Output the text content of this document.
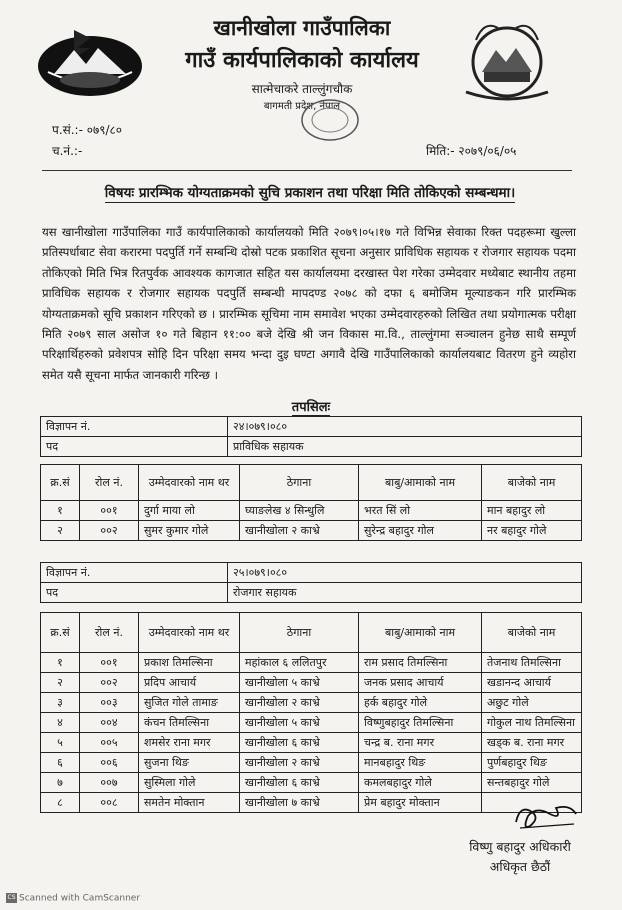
खानीखोला गाउँपालिका
गाउँ कार्यपालिकाको कार्यालय
सात्मेचाकरे ताल्लुंगचौक
बागमती प्रदेश, नेपाल
प.सं.:- ०७९/८०
च.नं.:-	मिति:- २०७९/०६/०५
विषयः प्रारम्भिक योग्यताक्रमको सुचि प्रकाशन तथा परिक्षा मिति तोकिएको सम्बन्धमा।
यस खानीखोला गाउँपालिका गाउँ कार्यपालिकाको कार्यालयको मिति २०७९।०५।१७ गते विभिन्न सेवाका रिक्त पदहरूमा खुल्ला प्रतिस्पर्धाबाट सेवा करारमा पदपुर्ति गर्ने सम्बन्धि दोस्रो पटक प्रकाशित सूचना अनुसार प्राविधिक सहायक र रोजगार सहायक पदमा तोकिएको मिति भित्र रितपुर्वक आवश्यक कागजात सहित यस कार्यालयमा दरखास्त पेश गरेका उम्मेदवार मध्येबाट स्थानीय तहमा प्राविधिक सहायक र रोजगार सहायक पदपुर्ति सम्बन्धी मापदण्ड २०७८ को दफा ६ बमोजिम मूल्याङकन गरि प्रारम्भिक योग्यताक्रमको सूचि प्रकाशन गरिएको छ । प्रारम्भिक सूचिमा नाम समावेश भएका उम्मेदवारहरुको लिखित तथा प्रयोगात्मक परीक्षा मिति २०७९ साल असोज १० गते बिहान ११:०० बजे देखि श्री जन विकास मा.वि., ताल्लुंगमा सञ्चालन हुनेछ साथै सम्पूर्ण परिक्षार्थिहरुको प्रवेशपत्र सोहि दिन परिक्षा समय भन्दा दुइ घण्टा अगावै देखि गाउँपालिकाको कार्यालयबाट वितरण हुने व्यहोरा समेत यसै सूचना मार्फत जानकारी गरिन्छ ।
तपसिलः
विज्ञापन नं.	२४।०७९।०८०
पद	प्राविधिक सहायक
क्र.सं	रोल नं.	उम्मेदवारको नाम थर	ठेगाना	बाबु/आमाको नाम	बाजेको नाम
१	००१	दुर्गा माया लो	घ्याङलेख ४ सिन्धुलि	भरत सिं लो	मान बहादुर लो
२	००२	सुमर कुमार गोले	खानीखोला २ काभ्रे	सुरेन्द्र बहादुर गोल	नर बहादुर गोले
विज्ञापन नं.	२५।०७९।०८०
पद	रोजगार सहायक
क्र.सं	रोल नं.	उम्मेदवारको नाम थर	ठेगाना	बाबु/आमाको नाम	बाजेको नाम
१	००१	प्रकाश तिमल्सिना	महांकाल ६ ललितपुर	राम प्रसाद तिमल्सिना	तेजनाथ तिमल्सिना
२	००२	प्रदिप आचार्य	खानीखोला ५ काभ्रे	जनक प्रसाद आचार्य	खडानन्द आचार्य
३	००३	सुजित गोले तामाङ	खानीखोला २ काभ्रे	हर्क बहादुर गोले	अछुट गोले
४	००४	कंचन तिमल्सिना	खानीखोला ५ काभ्रे	विष्णुबहादुर तिमल्सिना	गोकुल नाथ तिमल्सिना
५	००५	शमसेर राना मगर	खानीखोला ६ काभ्रे	चन्द्र ब. राना मगर	खड्क ब. राना मगर
६	००६	सुजना थिङ	खानीखोला २ काभ्रे	मानबहादुर थिङ	पुर्णबहादुर थिङ
७	००७	सुस्मिला गोले	खानीखोला ६ काभ्रे	कमलबहादुर गोले	सन्तबहादुर गोले
८	००८	समतेन मोक्तान	खानीखोला ७ काभ्रे	प्रेम बहादुर मोक्तान	
विष्णु बहादुर अधिकारी
अधिकृत छैठौं
CS Scanned with CamScanner
